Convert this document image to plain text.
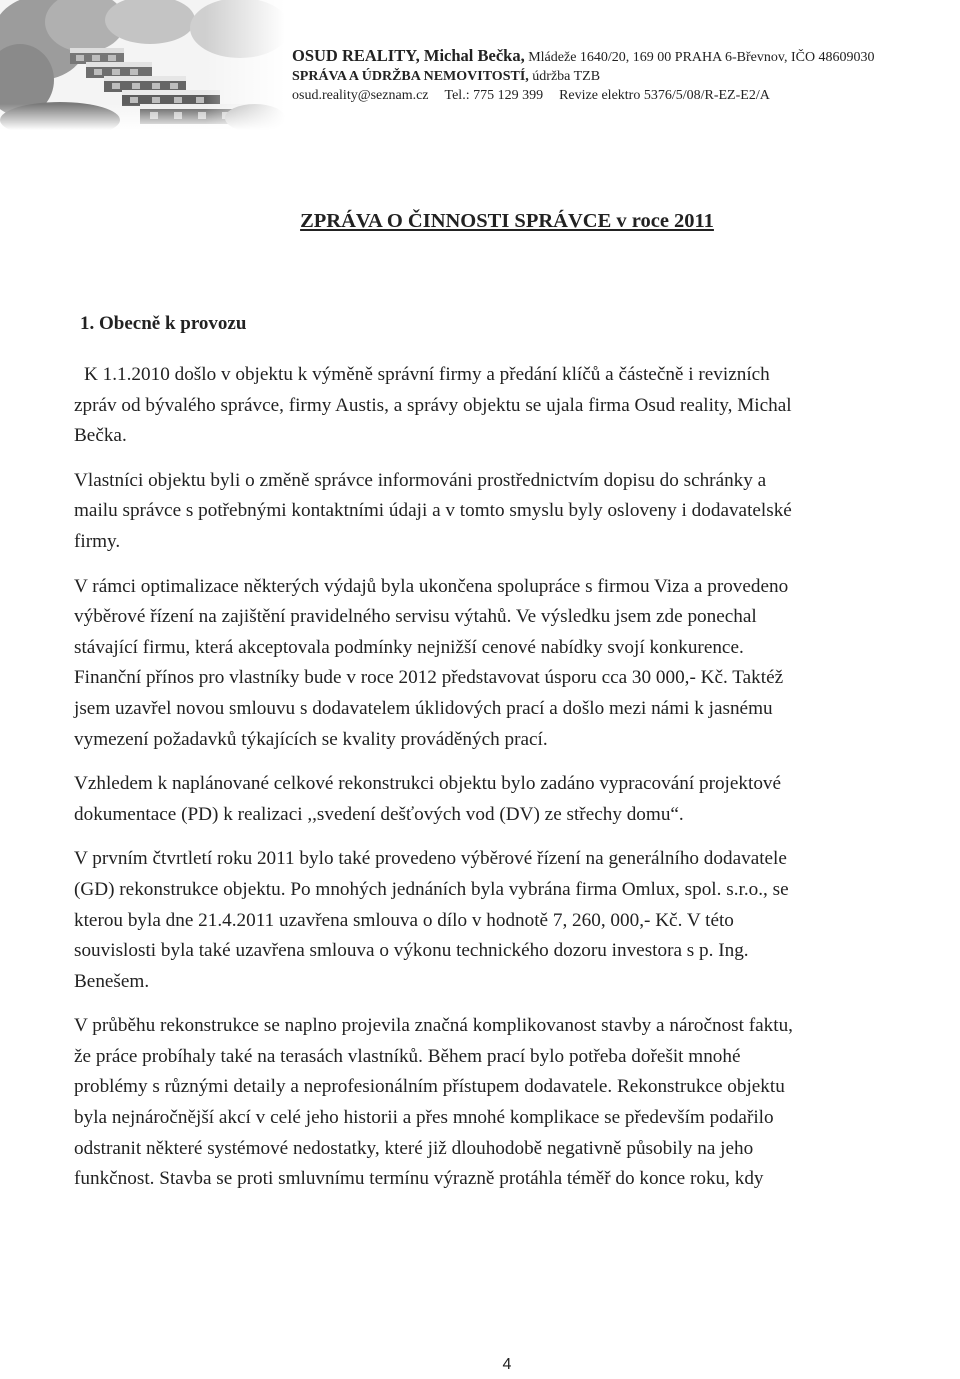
OSUD REALITY, Michal Bečka, Mládeže 1640/20, 169 00 PRAHA 6-Břevnov, IČO 48609030
SPRÁVA A ÚDRŽBA NEMOVITOSTÍ, údržba TZB
osud.reality@seznam.cz Tel.: 775 129 399 Revize elektro 5376/5/08/R-EZ-E2/A
ZPRÁVA O ČINNOSTI SPRÁVCE v roce 2011
1. Obecně k provozu

K 1.1.2010 došlo v objektu k výměně správní firmy a předání klíčů a částečně i revizních
zpráv od bývalého správce, firmy Austis, a správy objektu se ujala firma Osud reality, Michal
Bečka.

Vlastníci objektu byli o změně správce informováni prostřednictvím dopisu do schránky a
mailu správce s potřebnými kontaktními údaji a v tomto smyslu byly osloveny i dodavatelské
firmy.

V rámci optimalizace některých výdajů byla ukončena spolupráce s firmou Viza a provedeno
výběrové řízení na zajištění pravidelného servisu výtahů. Ve výsledku jsem zde ponechal
stávající firmu, která akceptovala podmínky nejnižší cenové nabídky svojí konkurence.
Finanční přínos pro vlastníky bude v roce 2012 představovat úsporu cca 30 000,- Kč. Taktéž
jsem uzavřel novou smlouvu s dodavatelem úklidových prací a došlo mezi námi k jasnému
vymezení požadavků týkajících se kvality prováděných prací.

Vzhledem k naplánované celkové rekonstrukci objektu bylo zadáno vypracování projektové
dokumentace (PD) k realizaci ,,svedení dešťových vod (DV) ze střechy domu“.

V prvním čtvrtletí roku 2011 bylo také provedeno výběrové řízení na generálního dodavatele
(GD) rekonstrukce objektu. Po mnohých jednáních byla vybrána firma Omlux, spol. s.r.o., se
kterou byla dne 21.4.2011 uzavřena smlouva o dílo v hodnotě 7, 260, 000,- Kč. V této
souvislosti byla také uzavřena smlouva o výkonu technického dozoru investora s p. Ing.
Benešem.

V průběhu rekonstrukce se naplno projevila značná komplikovanost stavby a náročnost faktu,
že práce probíhaly také na terasách vlastníků. Během prací bylo potřeba dořešit mnohé
problémy s různými detaily a neprofesionálním přístupem dodavatele. Rekonstrukce objektu
byla nejnáročnější akcí v celé jeho historii a přes mnohé komplikace se především podařilo
odstranit některé systémové nedostatky, které již dlouhodobě negativně působily na jeho
funkčnost. Stavba se proti smluvnímu termínu výrazně protáhla téměř do konce roku, kdy

4
